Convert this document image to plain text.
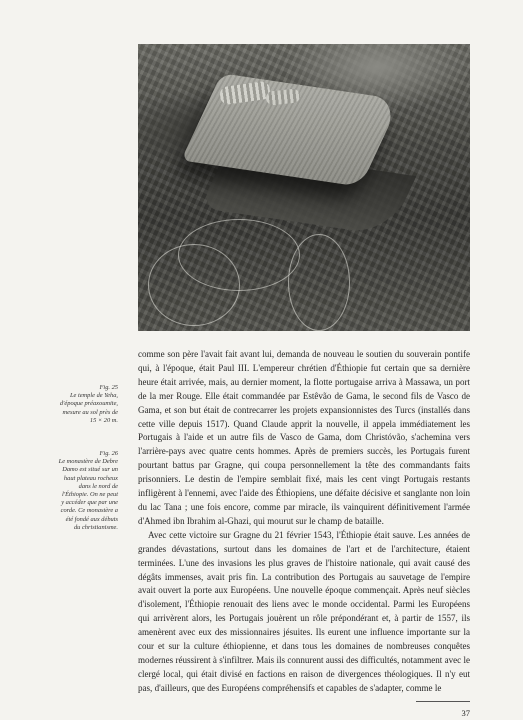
Fig. 25
Le temple de Yeha, d'époque préaxoumite, mesure au sol près de 15 × 20 m.
Fig. 26
Le monastère de Debre Damo est situé sur un haut plateau rocheux dans le nord de l'Éthiopie. On ne peut y accéder que par une corde. Ce monastère a été fondé aux débuts du christianisme.

comme son père l'avait fait avant lui, demanda de nouveau le soutien du souverain pontife qui, à l'époque, était Paul III. L'empereur chrétien d'Éthiopie fut certain que sa dernière heure était arrivée, mais, au dernier moment, la flotte portugaise arriva à Massawa, un port de la mer Rouge. Elle était commandée par Estêvão de Gama, le second fils de Vasco de Gama, et son but était de contrecarrer les projets expansionnistes des Turcs (installés dans cette ville depuis 1517). Quand Claude apprit la nouvelle, il appela immédiatement les Portugais à l'aide et un autre fils de Vasco de Gama, dom Christóvão, s'achemina vers l'arrière-pays avec quatre cents hommes. Après de premiers succès, les Portugais furent pourtant battus par Gragne, qui coupa personnellement la tête des commandants faits prisonniers. Le destin de l'empire semblait fixé, mais les cent vingt Portugais restants infligèrent à l'ennemi, avec l'aide des Éthiopiens, une défaite décisive et sanglante non loin du lac Tana ; une fois encore, comme par miracle, ils vainquirent définitivement l'armée d'Ahmed ibn Ibrahim al-Ghazi, qui mourut sur le champ de bataille.

Avec cette victoire sur Gragne du 21 février 1543, l'Éthiopie était sauve. Les années de grandes dévastations, surtout dans les domaines de l'art et de l'architecture, étaient terminées. L'une des invasions les plus graves de l'histoire nationale, qui avait causé des dégâts immenses, avait pris fin. La contribution des Portugais au sauvetage de l'empire avait ouvert la porte aux Européens. Une nouvelle époque commençait. Après neuf siècles d'isolement, l'Éthiopie renouait des liens avec le monde occidental. Parmi les Européens qui arrivèrent alors, les Portugais jouèrent un rôle prépondérant et, à partir de 1557, ils amenèrent avec eux des missionnaires jésuites. Ils eurent une influence importante sur la cour et sur la culture éthiopienne, et dans tous les domaines de nombreuses conquêtes modernes réussirent à s'infiltrer. Mais ils connurent aussi des difficultés, notamment avec le clergé local, qui était divisé en factions en raison de divergences théologiques. Il n'y eut pas, d'ailleurs, que des Européens compréhensifs et capables de s'adapter, comme le

37
